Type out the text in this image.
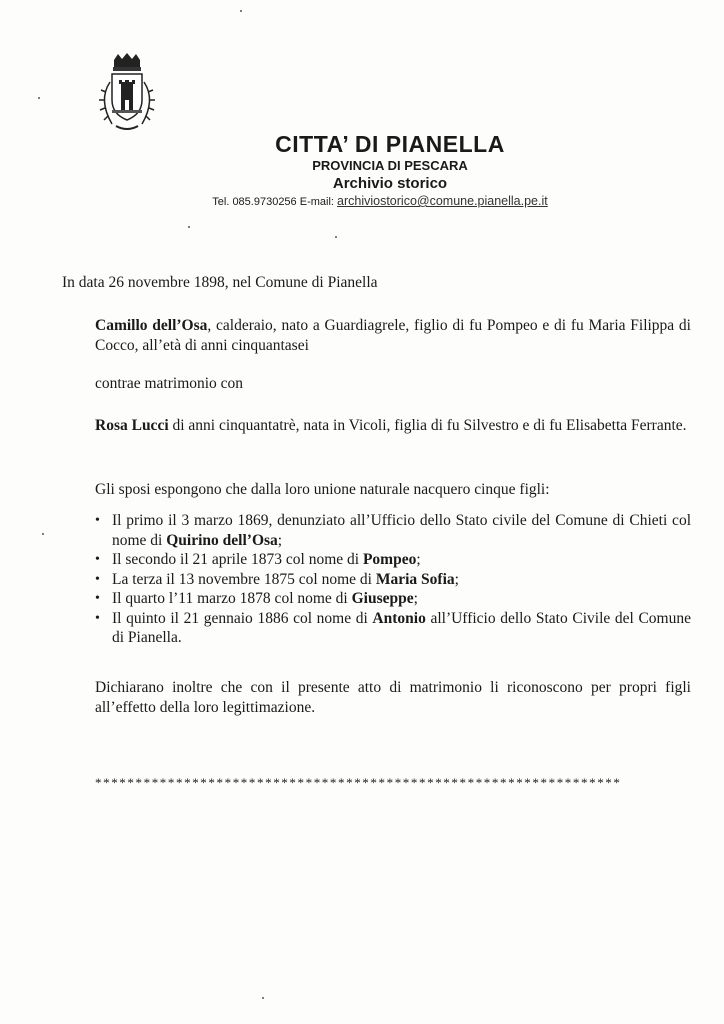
CITTA’ DI PIANELLA
PROVINCIA DI PESCARA
Archivio storico
Tel. 085.9730256 E-mail: archiviostorico@comune.pianella.pe.it
In data 26 novembre 1898, nel Comune di Pianella
Camillo dell’Osa, calderaio, nato a Guardiagrele, figlio di fu Pompeo e di fu Maria Filippa di Cocco, all’età di anni cinquantasei
contrae matrimonio con
Rosa Lucci di anni cinquantatrè, nata in Vicoli, figlia di fu Silvestro e di fu Elisabetta Ferrante.
Gli sposi espongono che dalla loro unione naturale nacquero cinque figli:
• Il primo il 3 marzo 1869, denunziato all’Ufficio dello Stato civile del Comune di Chieti col nome di Quirino dell’Osa;
• Il secondo il 21 aprile 1873 col nome di Pompeo;
• La terza il 13 novembre 1875 col nome di Maria Sofia;
• Il quarto l’11 marzo 1878 col nome di Giuseppe;
• Il quinto il 21 gennaio 1886 col nome di Antonio all’Ufficio dello Stato Civile del Comune di Pianella.
Dichiarano inoltre che con il presente atto di matrimonio li riconoscono per propri figli all’effetto della loro legittimazione.
*****************************************************************
